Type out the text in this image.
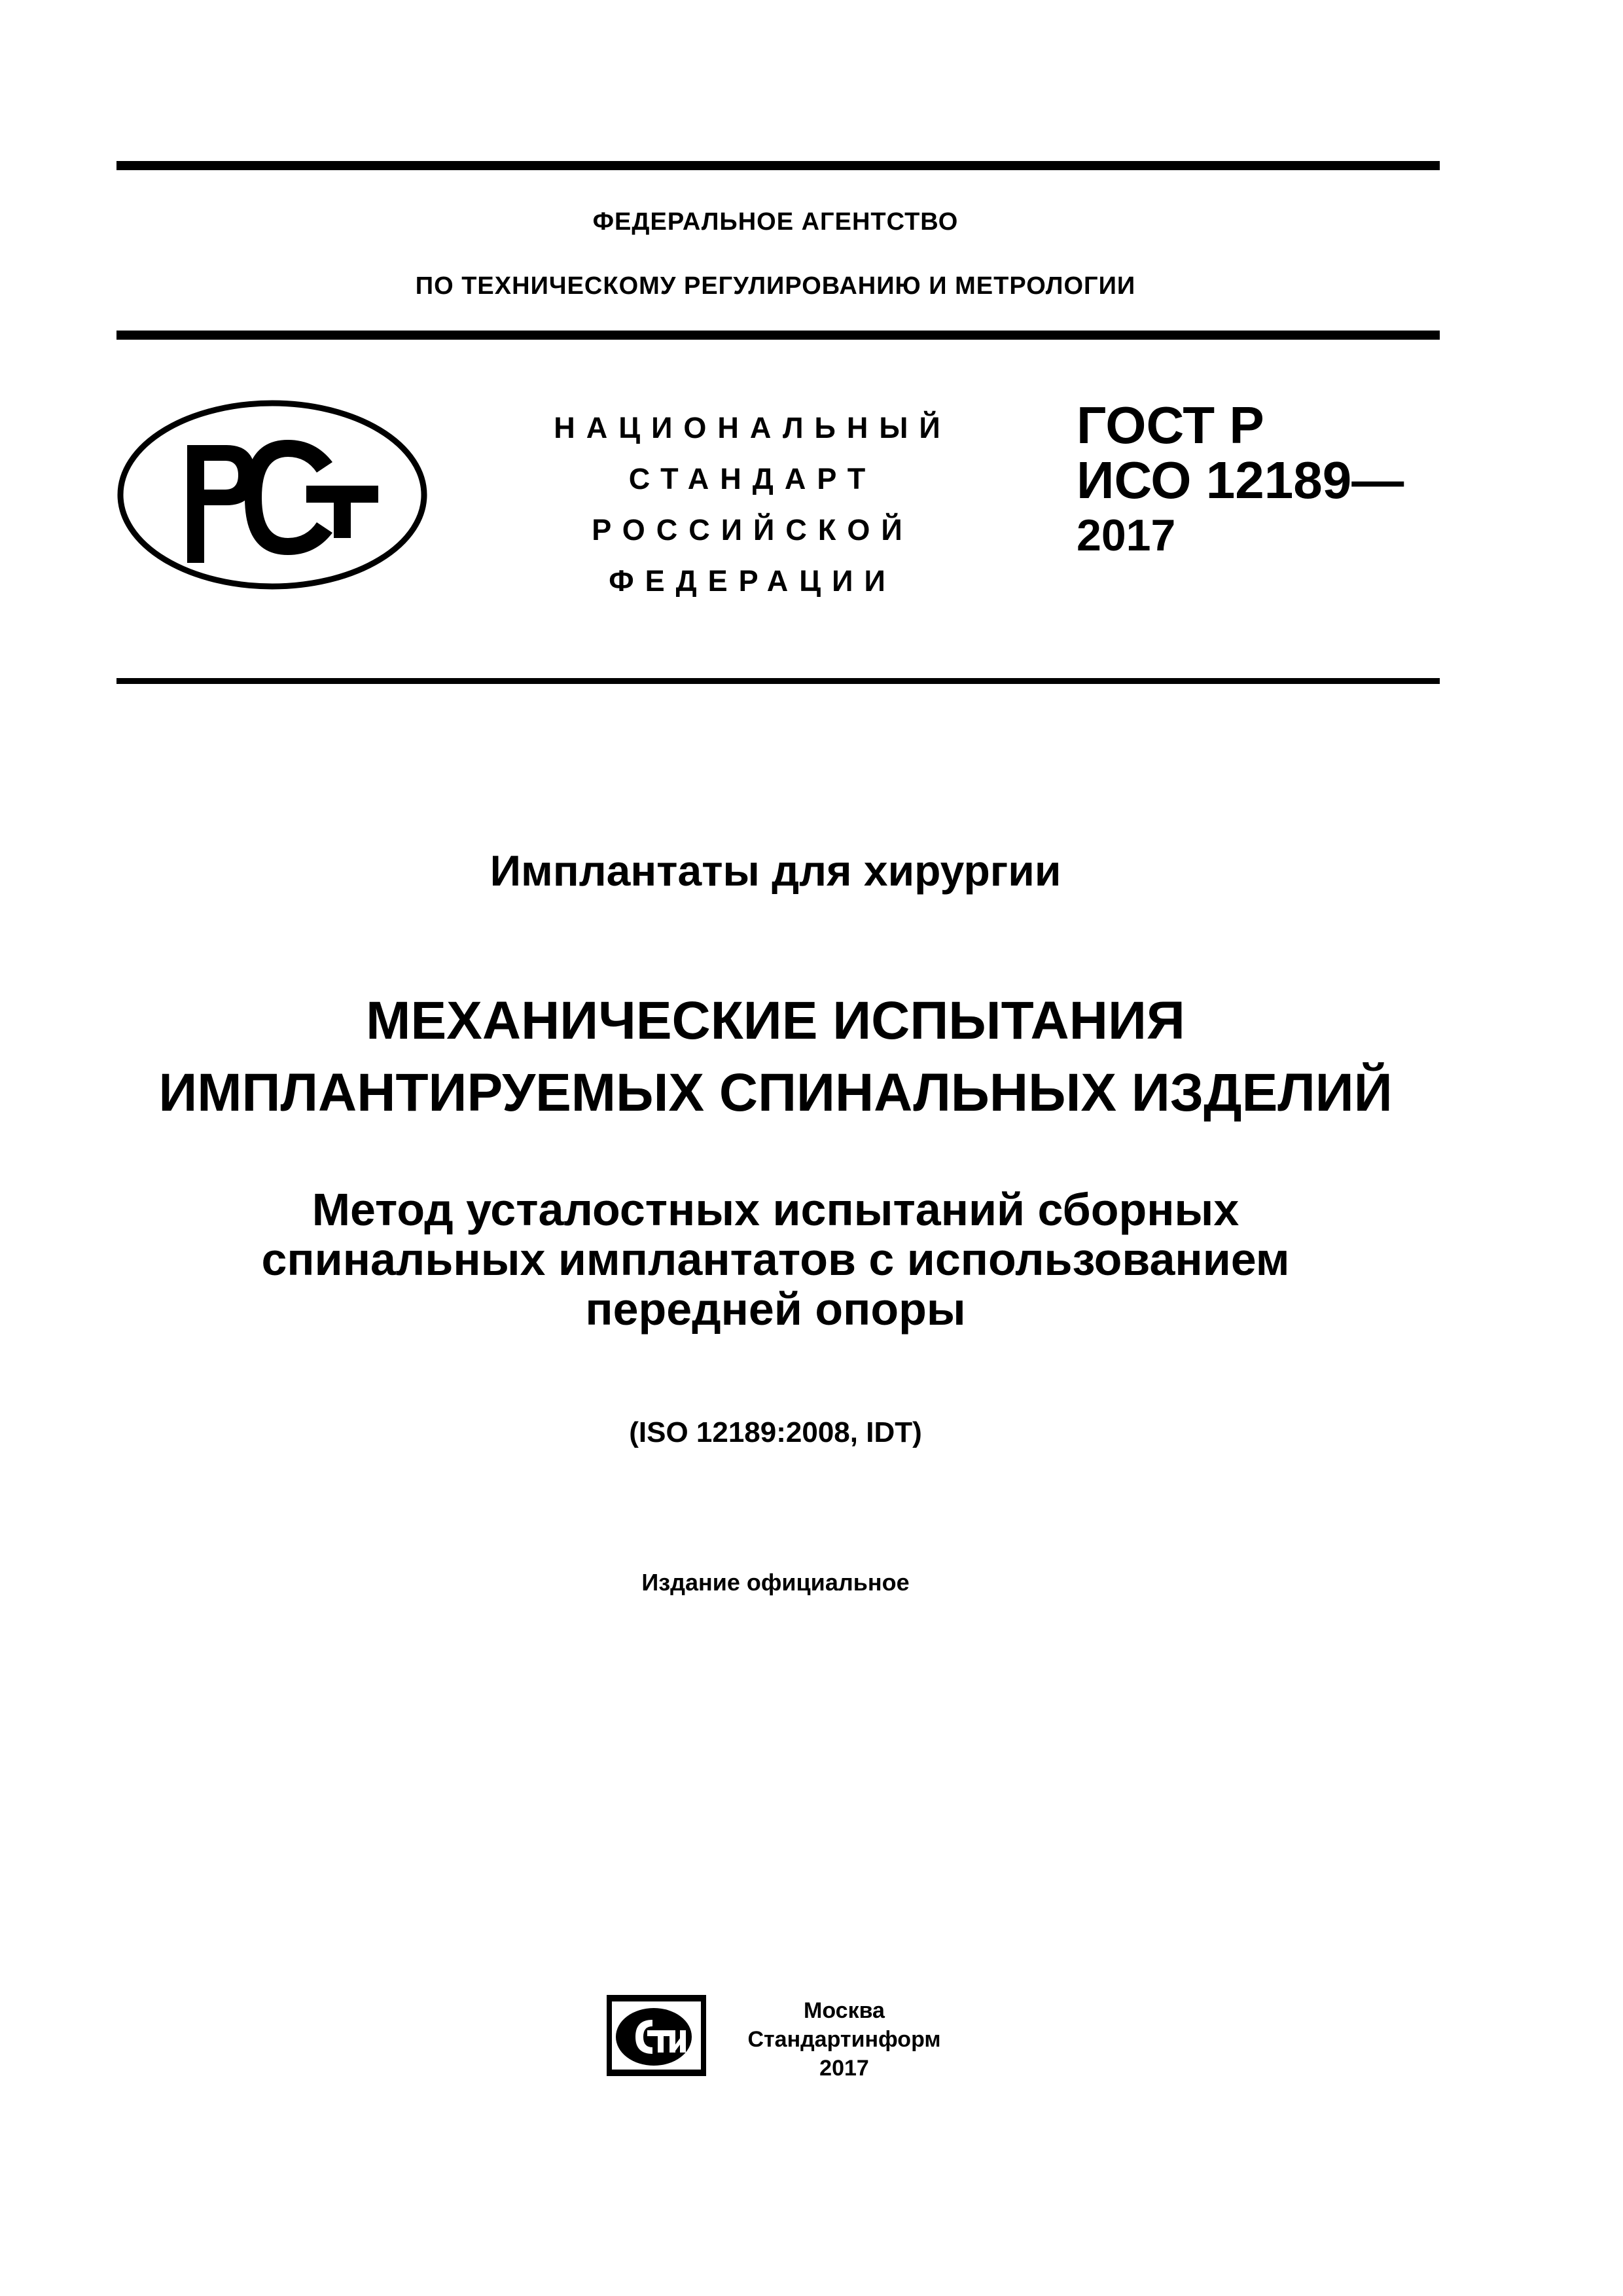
ФЕДЕРАЛЬНОЕ АГЕНТСТВО
ПО ТЕХНИЧЕСКОМУ РЕГУЛИРОВАНИЮ И МЕТРОЛОГИИ
НАЦИОНАЛЬНЫЙ
СТАНДАРТ
РОССИЙСКОЙ
ФЕДЕРАЦИИ
ГОСТ Р
ИСО 12189—
2017
Имплантаты для хирургии
МЕХАНИЧЕСКИЕ ИСПЫТАНИЯ
ИМПЛАНТИРУЕМЫХ СПИНАЛЬНЫХ ИЗДЕЛИЙ
Метод усталостных испытаний сборных
спинальных имплантатов с использованием
передней опоры
(ISO 12189:2008, IDT)
Издание официальное
Москва
Стандартинформ
2017
